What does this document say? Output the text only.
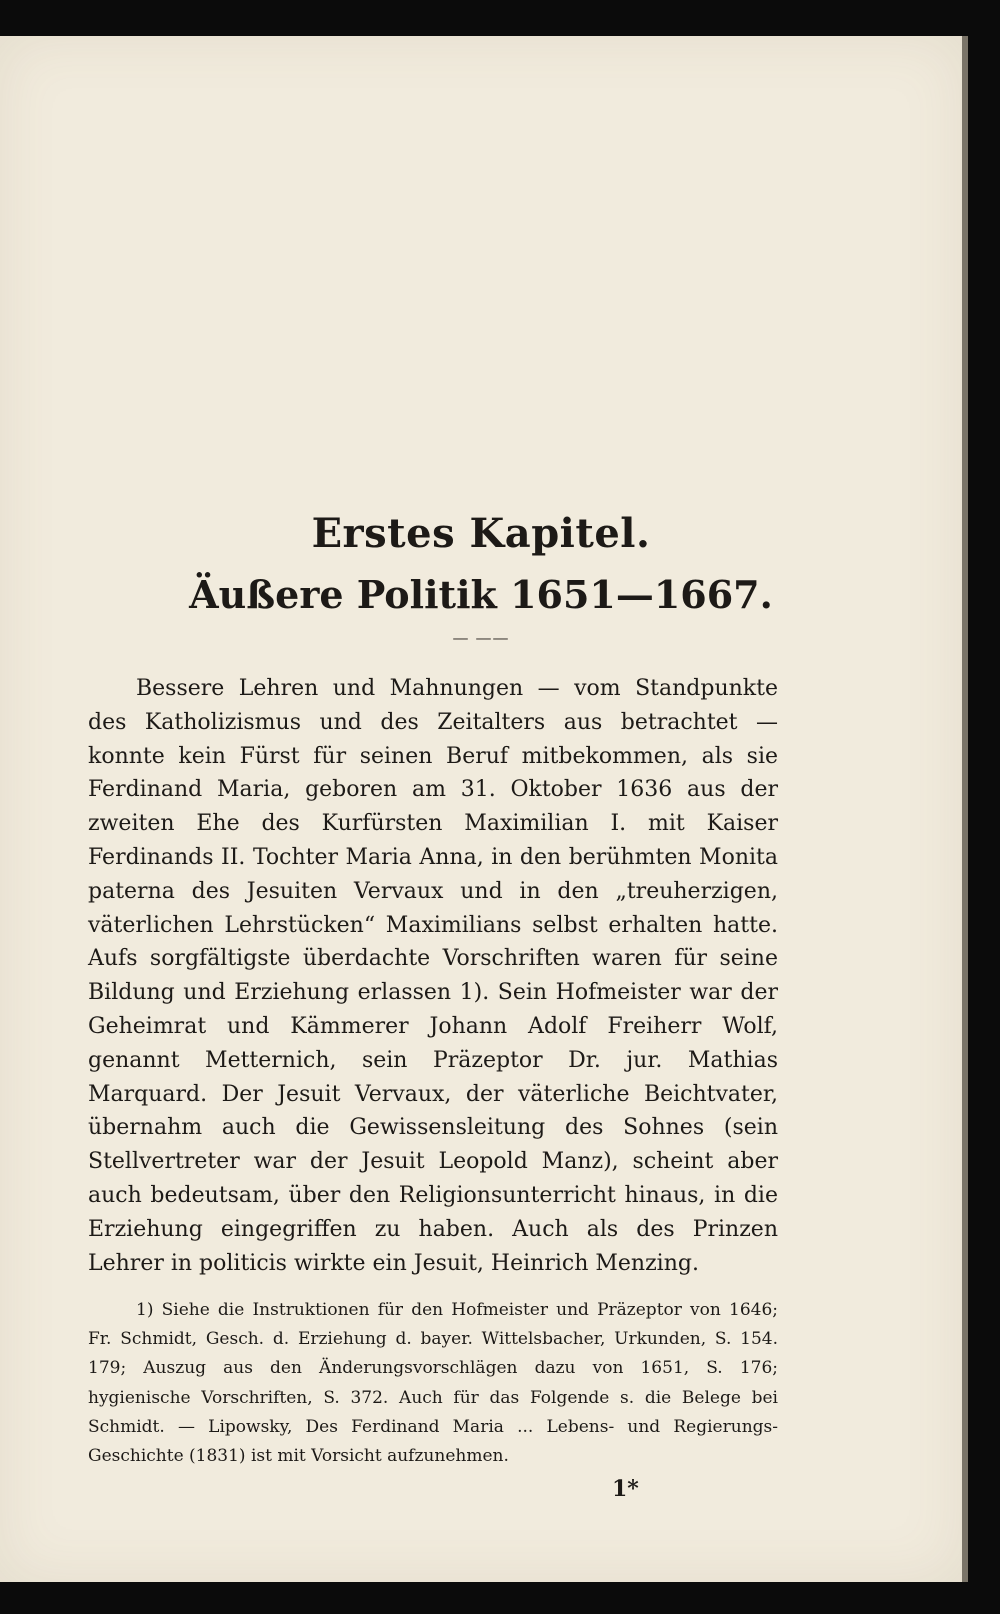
Erstes Kapitel.
Äußere Politik 1651—1667.
— ——

Bessere Lehren und Mahnungen — vom Standpunkte des Katholizismus und des Zeitalters aus betrachtet — konnte kein Fürst für seinen Beruf mitbekommen, als sie Ferdinand Maria, geboren am 31. Oktober 1636 aus der zweiten Ehe des Kurfürsten Maximilian I. mit Kaiser Ferdinands II. Tochter Maria Anna, in den berühmten Monita paterna des Jesuiten Vervaux und in den „treuherzigen, väterlichen Lehrstücken“ Maximilians selbst erhalten hatte. Aufs sorgfältigste überdachte Vorschriften waren für seine Bildung und Erziehung erlassen 1). Sein Hofmeister war der Geheimrat und Kämmerer Johann Adolf Freiherr Wolf, genannt Metternich, sein Präzeptor Dr. jur. Mathias Marquard. Der Jesuit Vervaux, der väterliche Beichtvater, übernahm auch die Gewissensleitung des Sohnes (sein Stellvertreter war der Jesuit Leopold Manz), scheint aber auch bedeutsam, über den Religionsunterricht hinaus, in die Erziehung eingegriffen zu haben. Auch als des Prinzen Lehrer in politicis wirkte ein Jesuit, Heinrich Menzing.

1) Siehe die Instruktionen für den Hofmeister und Präzeptor von 1646; Fr. Schmidt, Gesch. d. Erziehung d. bayer. Wittelsbacher, Urkunden, S. 154. 179; Auszug aus den Änderungsvorschlägen dazu von 1651, S. 176; hygienische Vorschriften, S. 372. Auch für das Folgende s. die Belege bei Schmidt. — Lipowsky, Des Ferdinand Maria ... Lebens- und Regierungs-Geschichte (1831) ist mit Vorsicht aufzunehmen.

1*
